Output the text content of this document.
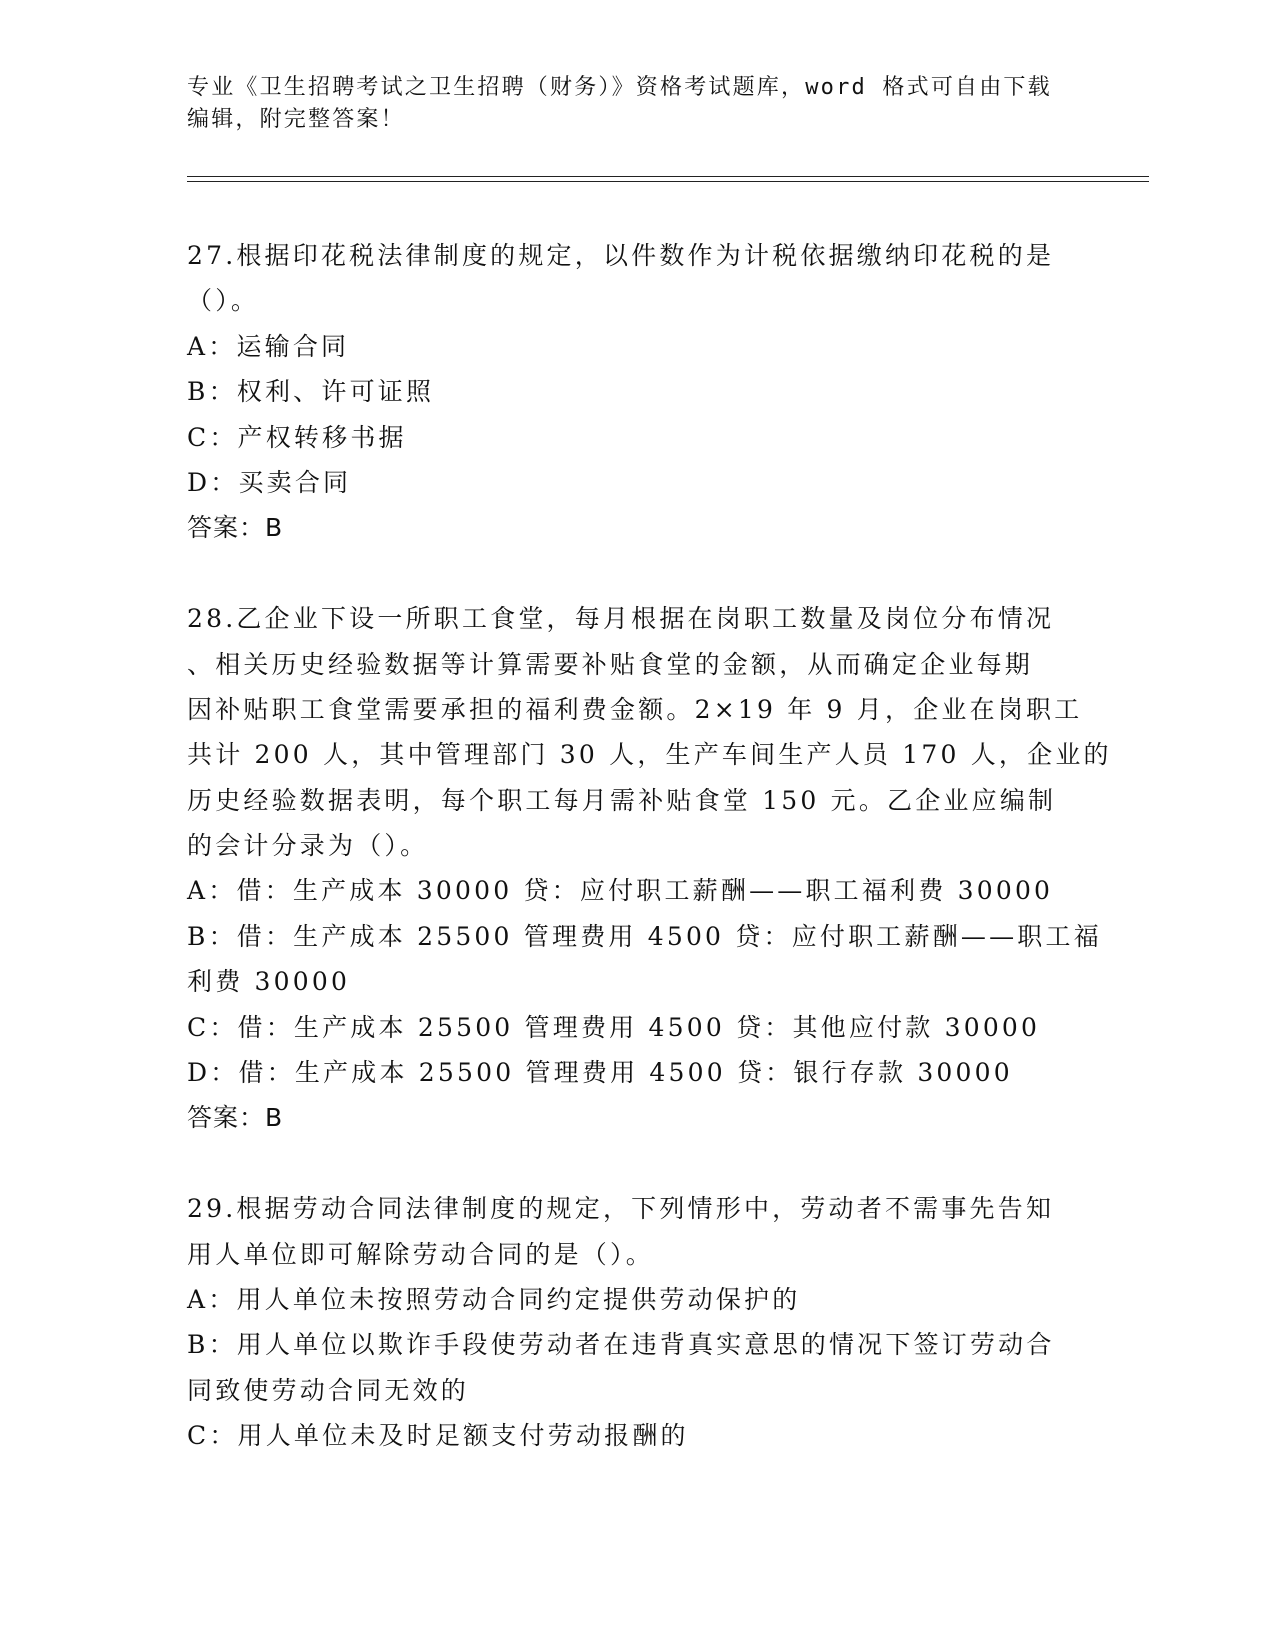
专业《卫生招聘考试之卫生招聘（财务）》资格考试题库，word 格式可自由下载
编辑，附完整答案！
27.根据印花税法律制度的规定，以件数作为计税依据缴纳印花税的是
（）。
A：运输合同
B：权利、许可证照
C：产权转移书据
D：买卖合同
答案：B
28.乙企业下设一所职工食堂，每月根据在岗职工数量及岗位分布情况
、相关历史经验数据等计算需要补贴食堂的金额，从而确定企业每期
因补贴职工食堂需要承担的福利费金额。2×19 年 9 月，企业在岗职工
共计 200 人，其中管理部门 30 人，生产车间生产人员 170 人，企业的
历史经验数据表明，每个职工每月需补贴食堂 150 元。乙企业应编制
的会计分录为（）。
A：借：生产成本 30000 贷：应付职工薪酬——职工福利费 30000
B：借：生产成本 25500 管理费用 4500 贷：应付职工薪酬——职工福
利费 30000
C：借：生产成本 25500 管理费用 4500 贷：其他应付款 30000
D：借：生产成本 25500 管理费用 4500 贷：银行存款 30000
答案：B
29.根据劳动合同法律制度的规定，下列情形中，劳动者不需事先告知
用人单位即可解除劳动合同的是（）。
A：用人单位未按照劳动合同约定提供劳动保护的
B：用人单位以欺诈手段使劳动者在违背真实意思的情况下签订劳动合
同致使劳动合同无效的
C：用人单位未及时足额支付劳动报酬的
